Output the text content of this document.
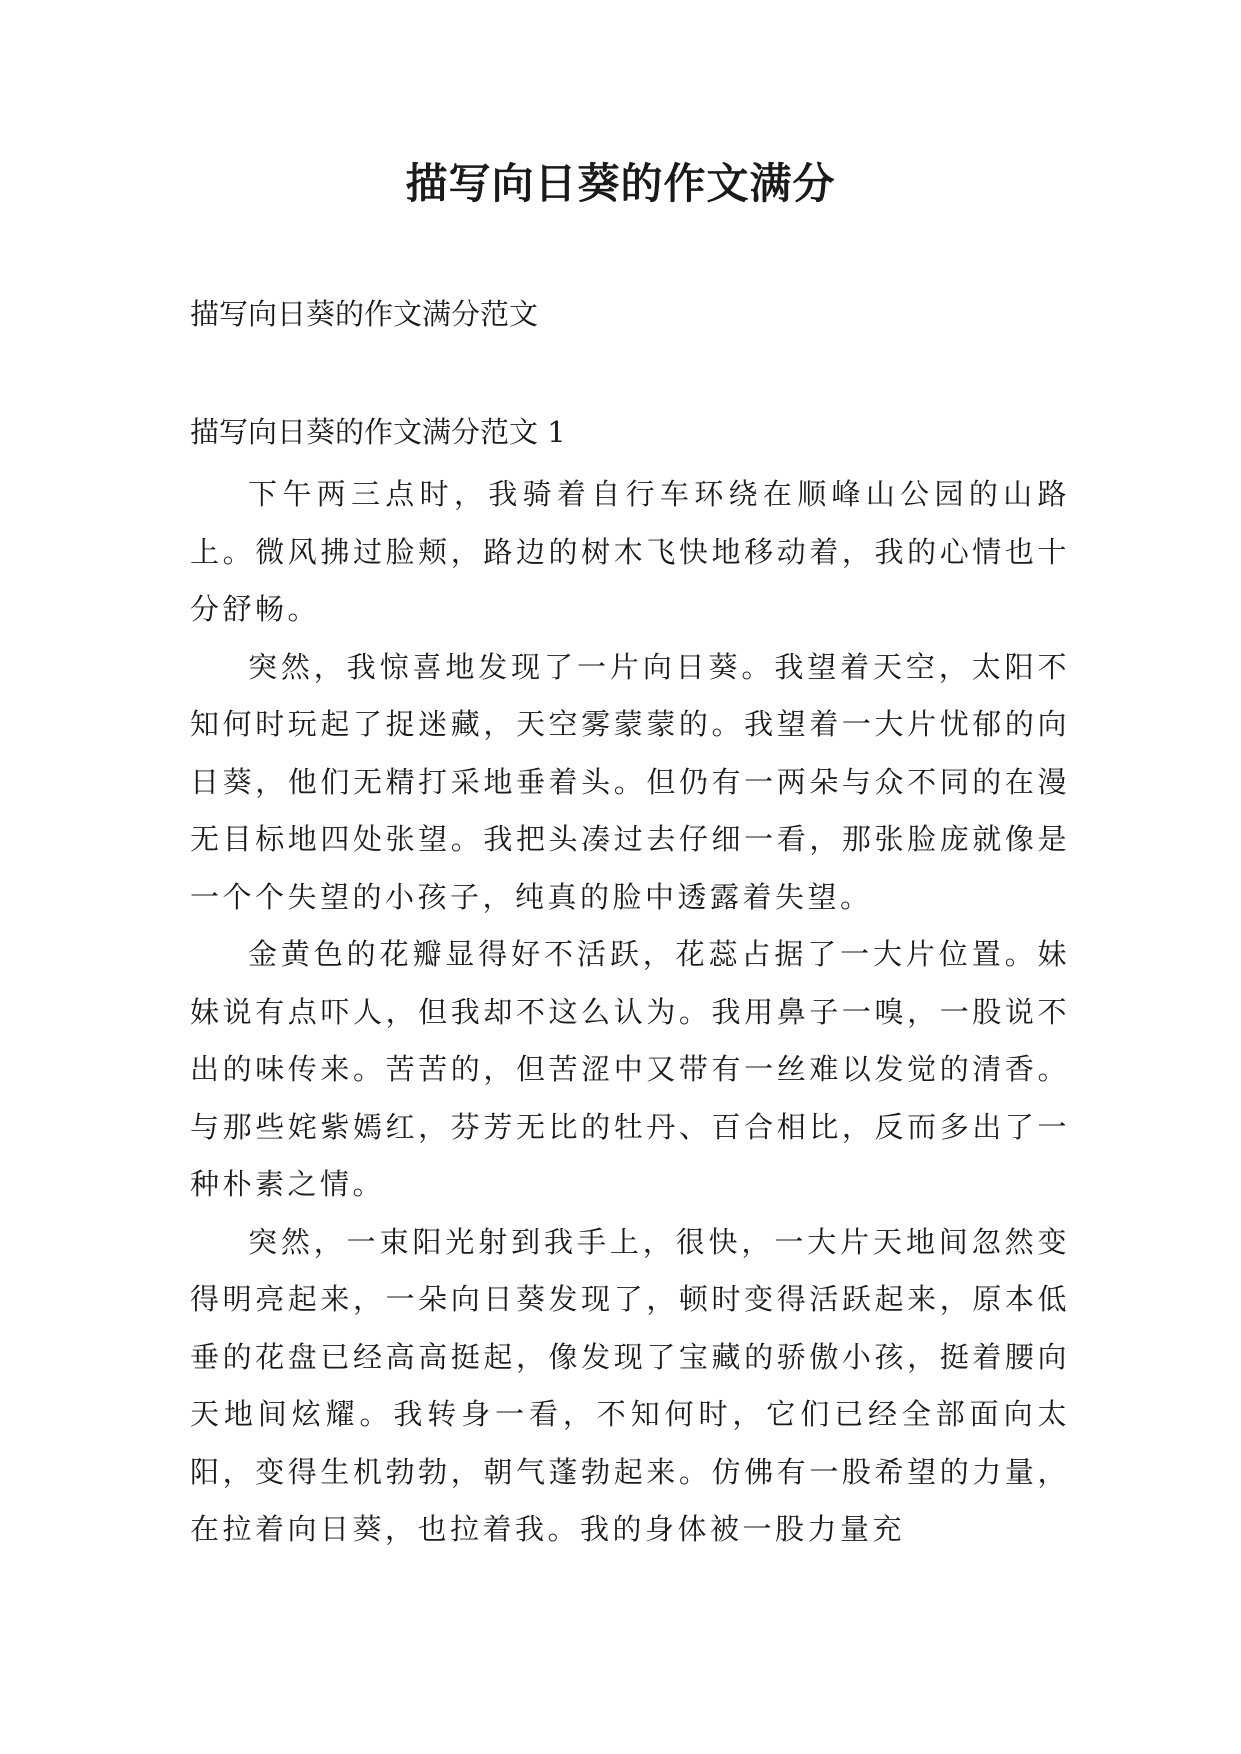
描写向日葵的作文满分

描写向日葵的作文满分范文

描写向日葵的作文满分范文 1

下午两三点时，我骑着自行车环绕在顺峰山公园的山路上。微风拂过脸颊，路边的树木飞快地移动着，我的心情也十分舒畅。

突然，我惊喜地发现了一片向日葵。我望着天空，太阳不知何时玩起了捉迷藏，天空雾蒙蒙的。我望着一大片忧郁的向日葵，他们无精打采地垂着头。但仍有一两朵与众不同的在漫无目标地四处张望。我把头凑过去仔细一看，那张脸庞就像是一个个失望的小孩子，纯真的脸中透露着失望。

金黄色的花瓣显得好不活跃，花蕊占据了一大片位置。妹妹说有点吓人，但我却不这么认为。我用鼻子一嗅，一股说不出的味传来。苦苦的，但苦涩中又带有一丝难以发觉的清香。与那些姹紫嫣红，芬芳无比的牡丹、百合相比，反而多出了一种朴素之情。

突然，一束阳光射到我手上，很快，一大片天地间忽然变得明亮起来，一朵向日葵发现了，顿时变得活跃起来，原本低垂的花盘已经高高挺起，像发现了宝藏的骄傲小孩，挺着腰向天地间炫耀。我转身一看，不知何时，它们已经全部面向太阳，变得生机勃勃，朝气蓬勃起来。仿佛有一股希望的力量，在拉着向日葵，也拉着我。我的身体被一股力量充
